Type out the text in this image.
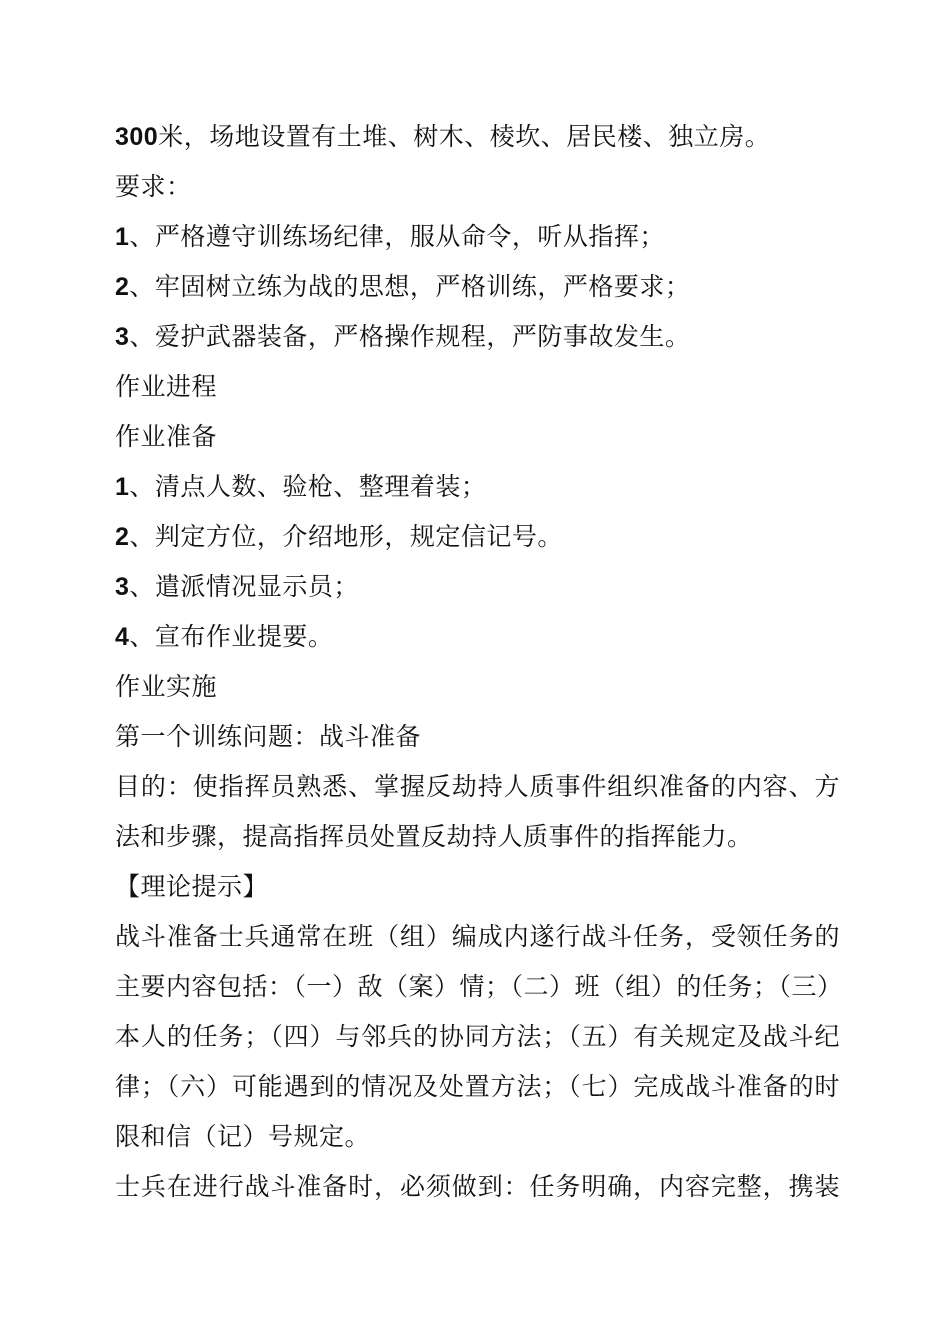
300米，场地设置有土堆、树木、棱坎、居民楼、独立房。
要求：
1、严格遵守训练场纪律，服从命令，听从指挥；
2、牢固树立练为战的思想，严格训练，严格要求；
3、爱护武器装备，严格操作规程，严防事故发生。
作业进程
作业准备
1、清点人数、验枪、整理着装；
2、判定方位，介绍地形，规定信记号。
3、遣派情况显示员；
4、宣布作业提要。
作业实施
第一个训练问题：战斗准备
目的：使指挥员熟悉、掌握反劫持人质事件组织准备的内容、方
法和步骤，提高指挥员处置反劫持人质事件的指挥能力。
【理论提示】
战斗准备士兵通常在班（组）编成内遂行战斗任务，受领任务的
主要内容包括：（一）敌（案）情；（二）班（组）的任务；（三）
本人的任务；（四）与邻兵的协同方法；（五）有关规定及战斗纪
律；（六）可能遇到的情况及处置方法；（七）完成战斗准备的时
限和信（记）号规定。
士兵在进行战斗准备时，必须做到：任务明确，内容完整，携装
